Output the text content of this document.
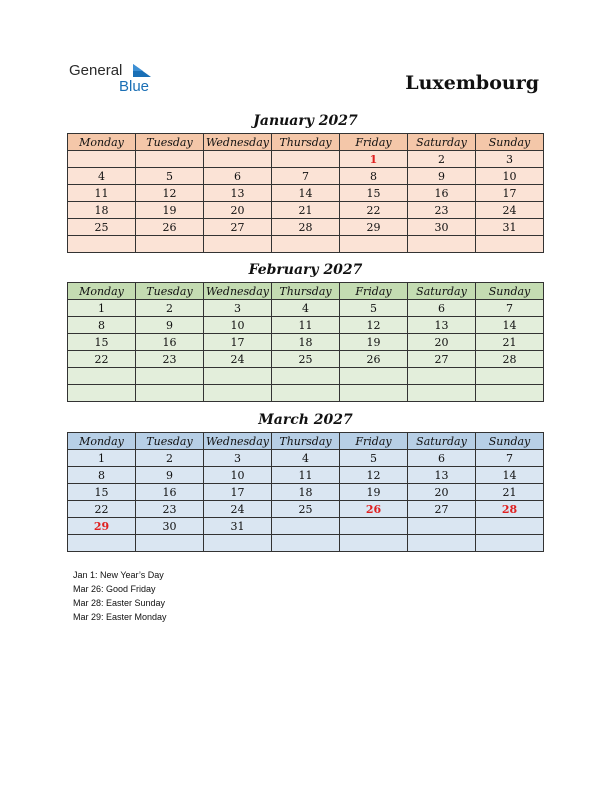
General
Blue	Luxembourg
January 2027
Monday	Tuesday	Wednesday	Thursday	Friday	Saturday	Sunday
				1	2	3
4	5	6	7	8	9	10
11	12	13	14	15	16	17
18	19	20	21	22	23	24
25	26	27	28	29	30	31

February 2027
Monday	Tuesday	Wednesday	Thursday	Friday	Saturday	Sunday
1	2	3	4	5	6	7
8	9	10	11	12	13	14
15	16	17	18	19	20	21
22	23	24	25	26	27	28

March 2027
Monday	Tuesday	Wednesday	Thursday	Friday	Saturday	Sunday
1	2	3	4	5	6	7
8	9	10	11	12	13	14
15	16	17	18	19	20	21
22	23	24	25	26	27	28
29	30	31				

Jan 1: New Year’s Day
Mar 26: Good Friday
Mar 28: Easter Sunday
Mar 29: Easter Monday
